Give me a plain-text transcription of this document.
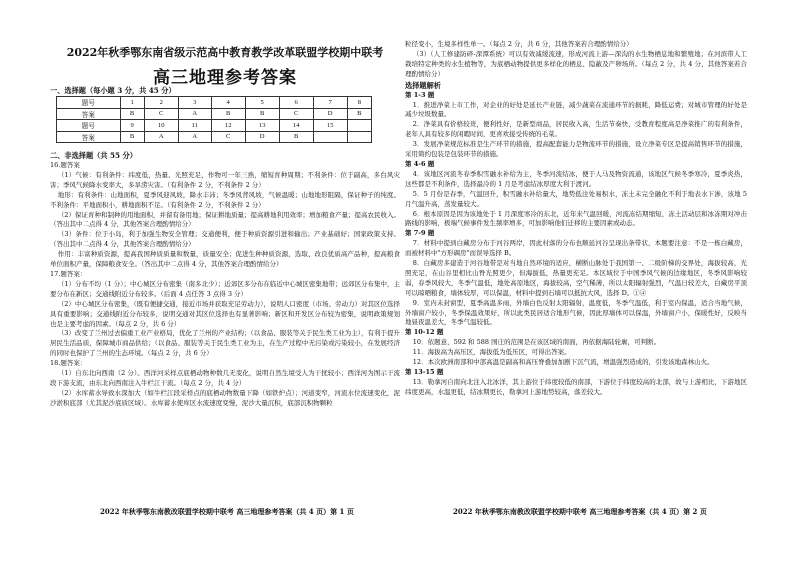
2022年秋季鄂东南省级示范高中教育教学改革联盟学校期中联考
高三地理参考答案
一、选择题（每小题 3 分，共 45 分）
题号	1	2	3	4	5	6	7	8
答案	B	C	A	B	B	C	D	B
题号	9	10	11	12	13	14	15	
答案	B	A	A	C	D	B		
二、非选择题（共 55 分）

16.题答案

（1）气候：有利条件：纬度低，热量、光照充足，作物可一年三熟，缩短育种周期；不利条件：位于副高，多台风灾害；季风气候降水变率大，多旱涝灾害。（有利条件 2 分，不利条件 2 分）

地形：有利条件：山地面积，夏季风迎风坡，降水丰沛；冬季风背风坡，气候温暖；山地地形阻隔，保证种子的纯度。不利条件：平地面积小，耕地面积不足。（有利条件 2 分，不利条件 2 分）

（2）保证育种和制种的用地面积，并留有备用地；保证耕地质量；提高耕地利用效率；增加粮食产量；提高农民收入。（答出其中二点得 4 分，其他答案合理酌情给分）

（3）条件：位于小岛，利于加强生物安全管理；交通便利，便于种质资源引进和输出；产业基础好；国家政策支持。（答出其中二点得 4 分，其他答案合理酌情给分）

作用：丰富种质资源，提高我国种质质量和数量，质量安全；促进生种种质资源，选取、改良优质高产品种，提高粮食单位面积产量，保障粮食安全。（答出其中二点得 4 分，其他答案合理酌情给分）

17.题答案：

（1）分布不均（1 分）；中心城区分布密集（南多北少）；近郊区多分布在临近中心城区密集地带；远郊区分布集中，主要分布在新区；交通线附近分布较多。（后面 4 点任答 3 点得 3 分）

（2）中心城区分布密集，（既有便捷交通，接近市场并获取充足劳动力），说明人口密度（市场、劳动力）对其区位选择具有重要影响；交通线附近分布较多，说明交通对其区位选择也有显著影响；新区和开发区分布较为密集，说明政策规划也是主要考虑的因素。（每点 2 分，共 6 分）

（3）改变了兰州过去偏重工业产业格局，优化了兰州的产业结构；（以食品、服装等关于民生类工业为主），有利于提升居民生活品质，保障城市商品供给；（以食品、服装等关于民生类工业为主，在生产过程中无污染或污染较小，在发展经济的同时也保护了兰州的生态环境。（每点 2 分，共 6 分）

18.题答案：

（1）自东北向西南（2 分）。西洋河采样点底栖动物种数几无变化，说明自然生境受人为干扰较小；西洋河为图示干流段下游支流，由东北向西南注入牛栏江干流。（每点 2 分，共 4 分）

（2）水库蓄水导致水深加大（如牛栏江段采样点的底栖动物数量下降（如铁炉点）；河道变窄，河流水位流速变化，泥沙淤积底部（尤其泥沙底质区域）。水库蓄水使库区水流速度变慢，泥沙大量沉积，底部沉积物颗粒

2022 年秋季鄂东南教改联盟学校期中联考 高三地理参考答案（共 4 页）第 1 页

粒径变小，生境多样性单一。（每点 2 分，共 6 分，其他答案若合理酌情给分）

（3）（人工修建防碎-深潭系统）可以有效减缓流速，形成河流上游—深沟的水生物栖息地和繁殖地；在河滨带人工栽培特定种类的水生植物等，为底栖动物提供更多样化的栖息、隐蔽及产卵场所。（每点 2 分，共 4 分，其他答案若合理酌情给分）

选择题解析

第 1-3 题

1．推进净菜上市工作，对企业的好处是延长产业链，减少蔬菜在流通环节的损耗，降低运费；对城市管理的好处是减少垃圾数量。

2．净菜具有价格较贵，便利性好，是新型商品，居民收入高，生活节奏快，受教育程度高是净菜推广的有利条件，老年人具有较多的闲暇时间，更喜欢接受传统的毛菜。

3．发展净菜规范标准是生产环节的措施，提高配套能力是物流环节的措施，设立净菜专区是提高销售环节的措施，采用简约包装是包装环节的措施。

第 4-6 题

4．该地区河流冬春季积雪融水补给为主，冬季河流结冰，便于人马及物资流通，该地区气候冬季寒冷，夏季炎热，这些都是不利条件，选择最冷的 1 月是考虑结冰厚度大利于渡河。

5．5 月份是春季，气温回升，积雪融水补给量大，地势低注处易积水，冻土未完全融化不利于地表水下渗，该地 5 月气温升高，蒸发量较大。

6．根本原因是因为该地处于 1 月深度寒冷的东北，近年来气温回暖，河流冻结期缩短，冻土活动层和冰冻期对冲击路线的影响，极端气候事件发生频率增多，可加影响他们迁移的主要因素或动态。

第 7-9 题

7．材料中提到白藏房分布于河谷两岸，因此村落的分布也顺延河谷呈现出条带状，本题要注意：不是一栋白藏房，而被材料中"方形碉房"而误导选择 B。

8．白藏房多建造于河谷地带是对当地自然环境的适应，横断山脉处于我国第一、二级阶梯的交界处，海拔较高，光照充足，在山谷里相比山脊光照更少，但海拔低，热量更充足。本区域位于中国季风气候的边缘地区，冬季风影响较弱，春季风较大，冬季气温低，地处高原地区，海拔较高，空气稀薄，所以太阳辐射强烈，气温日较差大，白藏房平顶可以晾晒粮食，墙体较厚，可以保温，材料中提到石墙可以抵抗大风，选择 D。①④

9．室内未封窗型，夏季高温多雨，外墙白色反射太阳辐射，温度低，冬季气温低，利于室内保温，适合当地气候，外墙窗户较小，冬季保温效果好，所以此类民居适合地形气候，因此厚墙体可以保温，外墙窗户小，保暖性好，反映当地昼夜温差大，冬季气温较低。

第 10-12 题

10．依题意，592 和 588 国庄的范围是在该区域的南面，再依据海陆轮廓，可判断。

11．海拔高为高压区，海拔低为低压区，可得出答案。

12．本次欧洲南部和中部高温是副高和高压脊叠加加剧下沉气流，增温强烈造成的，引发该地森林山火。

第 13-15 题

13．勒拿河自南向北注入北冰洋，其上游位于纬度较低的南部，下游位于纬度较高的北部，故与上游相比，下游地区纬度更高，水温更低，结冰期更长，勒拿河上游地势较高，落差较大。

2022 年秋季鄂东南教改联盟学校期中联考 高三地理参考答案（共 4 页）第 2 页
